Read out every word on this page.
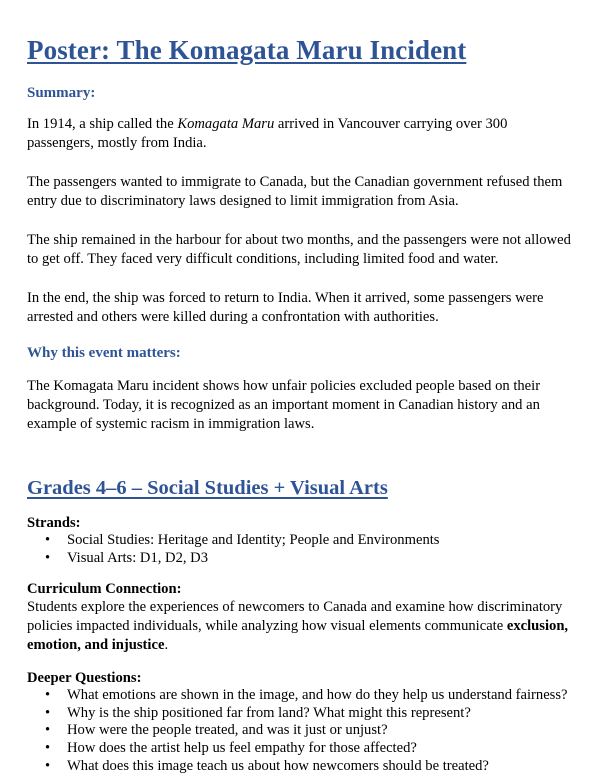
Poster: The Komagata Maru Incident
Summary:

In 1914, a ship called the Komagata Maru arrived in Vancouver carrying over 300 passengers, mostly from India.

The passengers wanted to immigrate to Canada, but the Canadian government refused them entry due to discriminatory laws designed to limit immigration from Asia.

The ship remained in the harbour for about two months, and the passengers were not allowed to get off. They faced very difficult conditions, including limited food and water.

In the end, the ship was forced to return to India. When it arrived, some passengers were arrested and others were killed during a confrontation with authorities.

Why this event matters:

The Komagata Maru incident shows how unfair policies excluded people based on their background. Today, it is recognized as an important moment in Canadian history and an example of systemic racism in immigration laws.

Grades 4–6 – Social Studies + Visual Arts

Strands:

• Social Studies: Heritage and Identity; People and Environments
• Visual Arts: D1, D2, D3

Curriculum Connection:

Students explore the experiences of newcomers to Canada and examine how discriminatory policies impacted individuals, while analyzing how visual elements communicate exclusion, emotion, and injustice.

Deeper Questions:

• What emotions are shown in the image, and how do they help us understand fairness?
• Why is the ship positioned far from land? What might this represent?
• How were the people treated, and was it just or unjust?
• How does the artist help us feel empathy for those affected?
• What does this image teach us about how newcomers should be treated?
